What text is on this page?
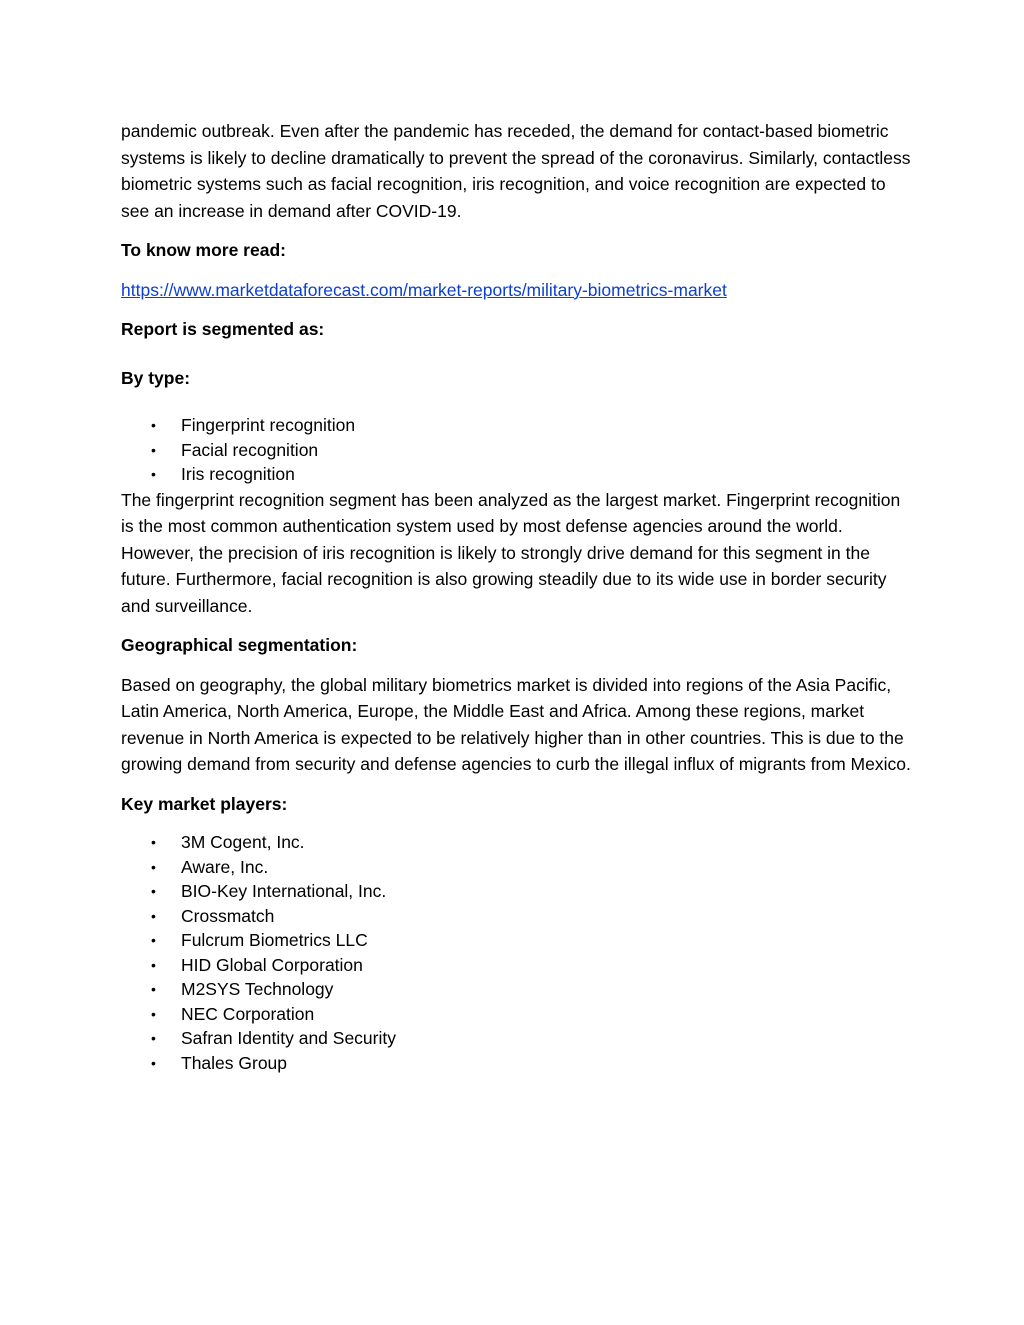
pandemic outbreak. Even after the pandemic has receded, the demand for contact-based biometric systems is likely to decline dramatically to prevent the spread of the coronavirus. Similarly, contactless biometric systems such as facial recognition, iris recognition, and voice recognition are expected to see an increase in demand after COVID-19.

To know more read:

https://www.marketdataforecast.com/market-reports/military-biometrics-market

Report is segmented as:

By type:

• Fingerprint recognition
• Facial recognition
• Iris recognition

The fingerprint recognition segment has been analyzed as the largest market. Fingerprint recognition is the most common authentication system used by most defense agencies around the world. However, the precision of iris recognition is likely to strongly drive demand for this segment in the future. Furthermore, facial recognition is also growing steadily due to its wide use in border security and surveillance.

Geographical segmentation:

Based on geography, the global military biometrics market is divided into regions of the Asia Pacific, Latin America, North America, Europe, the Middle East and Africa. Among these regions, market revenue in North America is expected to be relatively higher than in other countries. This is due to the growing demand from security and defense agencies to curb the illegal influx of migrants from Mexico.

Key market players:

• 3M Cogent, Inc.
• Aware, Inc.
• BIO-Key International, Inc.
• Crossmatch
• Fulcrum Biometrics LLC
• HID Global Corporation
• M2SYS Technology
• NEC Corporation
• Safran Identity and Security
• Thales Group
